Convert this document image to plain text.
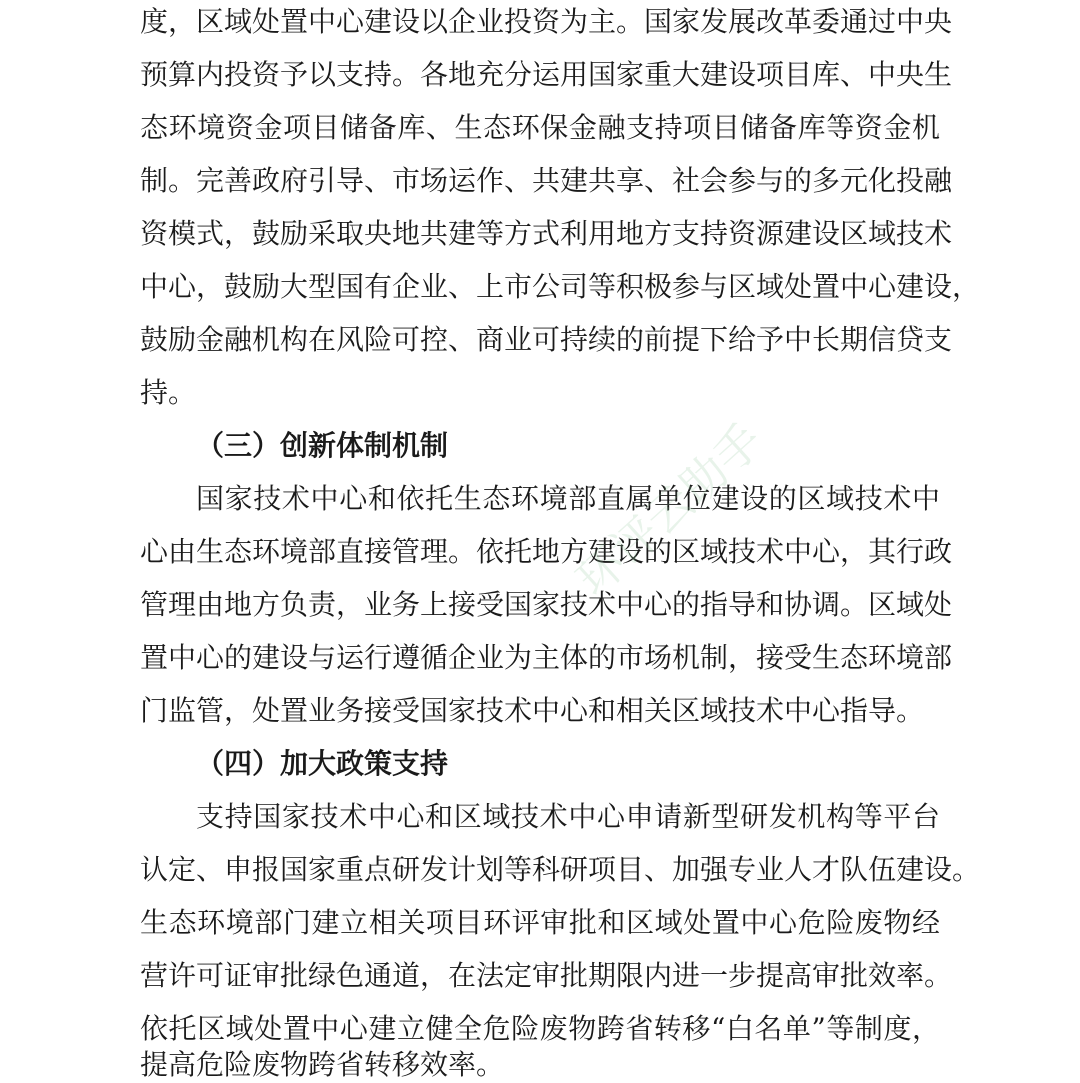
度，区域处置中心建设以企业投资为主。国家发展改革委通过中央
预算内投资予以支持。各地充分运用国家重大建设项目库、中央生
态环境资金项目储备库、生态环保金融支持项目储备库等资金机
制。完善政府引导、市场运作、共建共享、社会参与的多元化投融
资模式，鼓励采取央地共建等方式利用地方支持资源建设区域技术
中心，鼓励大型国有企业、上市公司等积极参与区域处置中心建设，
鼓励金融机构在风险可控、商业可持续的前提下给予中长期信贷支
持。
（三）创新体制机制
国家技术中心和依托生态环境部直属单位建设的区域技术中
心由生态环境部直接管理。依托地方建设的区域技术中心，其行政
管理由地方负责，业务上接受国家技术中心的指导和协调。区域处
置中心的建设与运行遵循企业为主体的市场机制，接受生态环境部
门监管，处置业务接受国家技术中心和相关区域技术中心指导。
（四）加大政策支持
支持国家技术中心和区域技术中心申请新型研发机构等平台
认定、申报国家重点研发计划等科研项目、加强专业人才队伍建设。
生态环境部门建立相关项目环评审批和区域处置中心危险废物经
营许可证审批绿色通道，在法定审批期限内进一步提高审批效率。
依托区域处置中心建立健全危险废物跨省转移“白名单”等制度，
提高危险废物跨省转移效率。
环评云助手
